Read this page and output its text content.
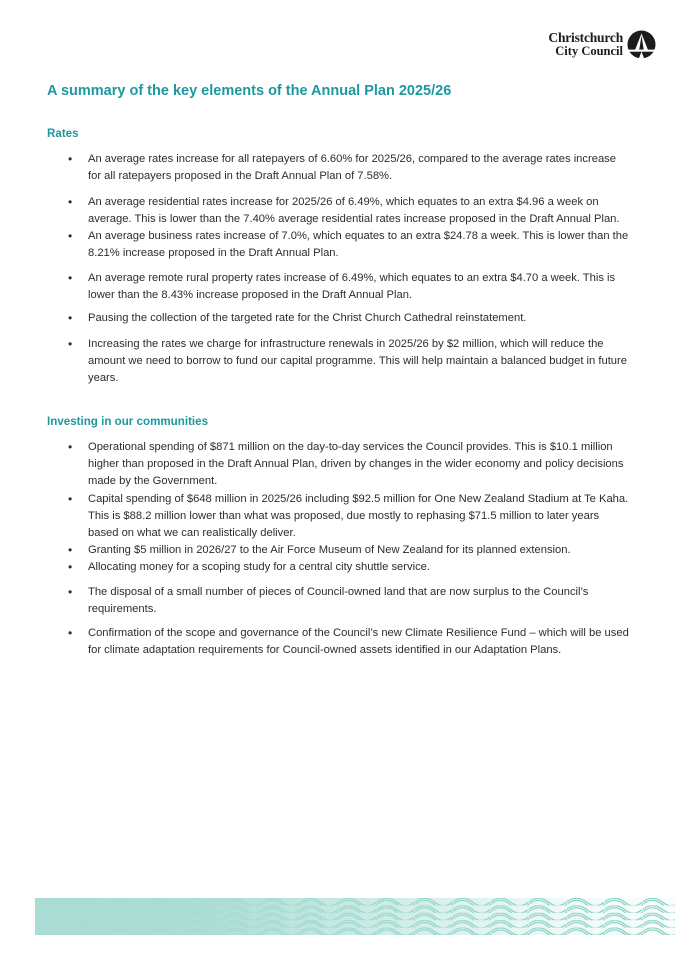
Christchurch
City Council
A summary of the key elements of the Annual Plan 2025/26
Rates
• An average rates increase for all ratepayers of 6.60% for 2025/26, compared to the average rates increase for all ratepayers proposed in the Draft Annual Plan of 7.58%.
• An average residential rates increase for 2025/26 of 6.49%, which equates to an extra $4.96 a week on average. This is lower than the 7.40% average residential rates increase proposed in the Draft Annual Plan.
• An average business rates increase of 7.0%, which equates to an extra $24.78 a week. This is lower than the 8.21% increase proposed in the Draft Annual Plan.
• An average remote rural property rates increase of 6.49%, which equates to an extra $4.70 a week. This is lower than the 8.43% increase proposed in the Draft Annual Plan.
• Pausing the collection of the targeted rate for the Christ Church Cathedral reinstatement.
• Increasing the rates we charge for infrastructure renewals in 2025/26 by $2 million, which will reduce the amount we need to borrow to fund our capital programme. This will help maintain a balanced budget in future years.
Investing in our communities
• Operational spending of $871 million on the day-to-day services the Council provides. This is $10.1 million higher than proposed in the Draft Annual Plan, driven by changes in the wider economy and policy decisions made by the Government.
• Capital spending of $648 million in 2025/26 including $92.5 million for One New Zealand Stadium at Te Kaha. This is $88.2 million lower than what was proposed, due mostly to rephasing $71.5 million to later years based on what we can realistically deliver.
• Granting $5 million in 2026/27 to the Air Force Museum of New Zealand for its planned extension.
• Allocating money for a scoping study for a central city shuttle service.
• The disposal of a small number of pieces of Council-owned land that are now surplus to the Council’s requirements.
• Confirmation of the scope and governance of the Council’s new Climate Resilience Fund – which will be used for climate adaptation requirements for Council-owned assets identified in our Adaptation Plans.
